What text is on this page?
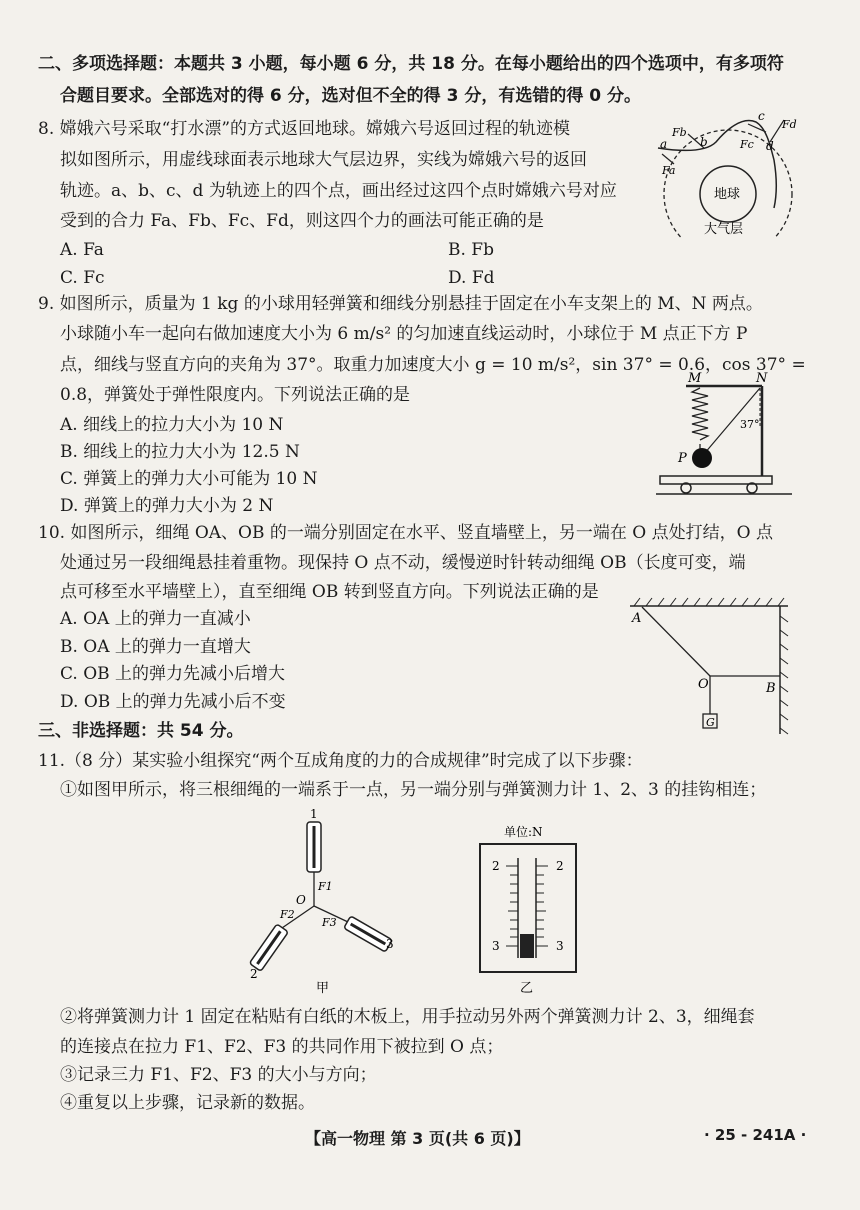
二、多项选择题：本题共 3 小题，每小题 6 分，共 18 分。在每小题给出的四个选项中，有多项符
合题目要求。全部选对的得 6 分，选对但不全的得 3 分，有选错的得 0 分。
8. 嫦娥六号采取“打水漂”的方式返回地球。嫦娥六号返回过程的轨迹模
拟如图所示，用虚线球面表示地球大气层边界，实线为嫦娥六号的返回
轨迹。a、b、c、d 为轨迹上的四个点，画出经过这四个点时嫦娥六号对应
受到的合力 Fa、Fb、Fc、Fd，则这四个力的画法可能正确的是
A. Fa	B. Fb
C. Fc	D. Fd
地球
大气层
a	b
c
d
Fa
Fb
Fc
Fd
9. 如图所示，质量为 1 kg 的小球用轻弹簧和细线分别悬挂于固定在小车支架上的 M、N 两点。
小球随小车一起向右做加速度大小为 6 m/s² 的匀加速直线运动时，小球位于 M 点正下方 P
点，细线与竖直方向的夹角为 37°。取重力加速度大小 g = 10 m/s²，sin 37° = 0.6，cos 37° =
0.8，弹簧处于弹性限度内。下列说法正确的是
A. 细线上的拉力大小为 10 N
B. 细线上的拉力大小为 12.5 N
C. 弹簧上的弹力大小可能为 10 N
D. 弹簧上的弹力大小为 2 N
M	N
P
37°
10. 如图所示，细绳 OA、OB 的一端分别固定在水平、竖直墙壁上，另一端在 O 点处打结，O 点
处通过另一段细绳悬挂着重物。现保持 O 点不动，缓慢逆时针转动细绳 OB（长度可变，端
点可移至水平墙壁上），直至细绳 OB 转到竖直方向。下列说法正确的是
A. OA 上的弹力一直减小
B. OA 上的弹力一直增大
C. OB 上的弹力先减小后增大
D. OB 上的弹力先减小后不变
G
A
O	B
三、非选择题：共 54 分。
11.（8 分）某实验小组探究“两个互成角度的力的合成规律”时完成了以下步骤：
①如图甲所示，将三根细绳的一端系于一点，另一端分别与弹簧测力计 1、2、3 的挂钩相连；
1
2
3
O
F1
F2
F3
甲
单位:N
2	2
3	3
乙
②将弹簧测力计 1 固定在粘贴有白纸的木板上，用手拉动另外两个弹簧测力计 2、3，细绳套
的连接点在拉力 F1、F2、F3 的共同作用下被拉到 O 点；
③记录三力 F1、F2、F3 的大小与方向；
④重复以上步骤，记录新的数据。
【高一物理 第 3 页(共 6 页)】	· 25 - 241A ·
